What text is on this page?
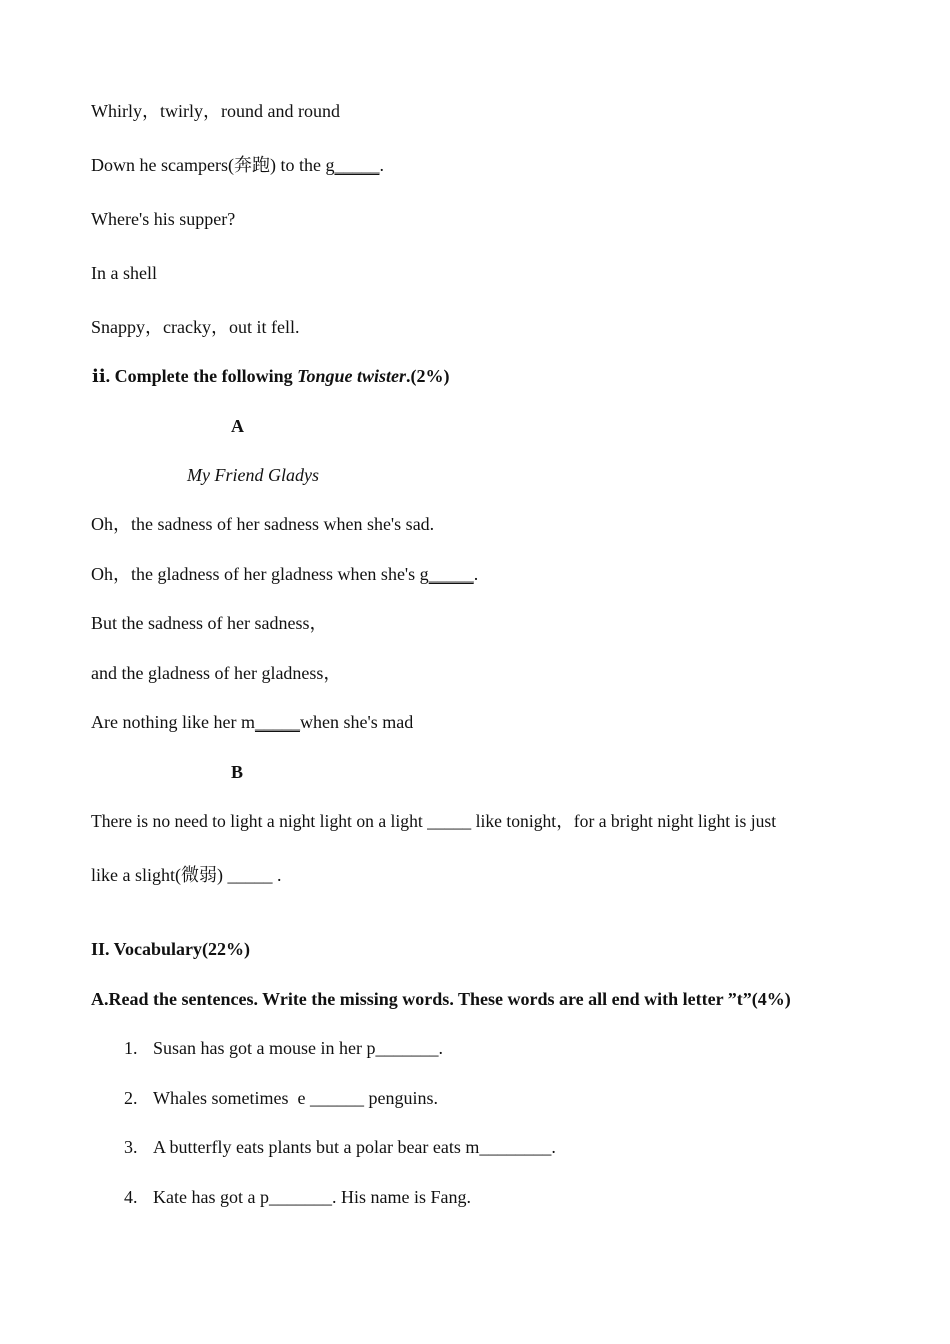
Whirly，twirly，round and round
Down he scampers(奔跑) to the g_____.
Where's his supper?
In a shell
Snappy，cracky，out it fell.
ⅱ. Complete the following Tongue twister.(2%)
A
My Friend Gladys
Oh，the sadness of her sadness when she's sad.
Oh，the gladness of her gladness when she's g_____.
But the sadness of her sadness，
and the gladness of her gladness，
Are nothing like her m_____when she's mad
B
There is no need to light a night light on a light _____ like tonight，for a bright night light is just
like a slight(微弱) _____ .
II. Vocabulary(22%)
A.Read the sentences. Write the missing words. These words are all end with letter ”t”(4%)
1. Susan has got a mouse in her p_______.
2. Whales sometimes  e ______ penguins.
3. A butterfly eats plants but a polar bear eats m________.
4. Kate has got a p_______. His name is Fang.
